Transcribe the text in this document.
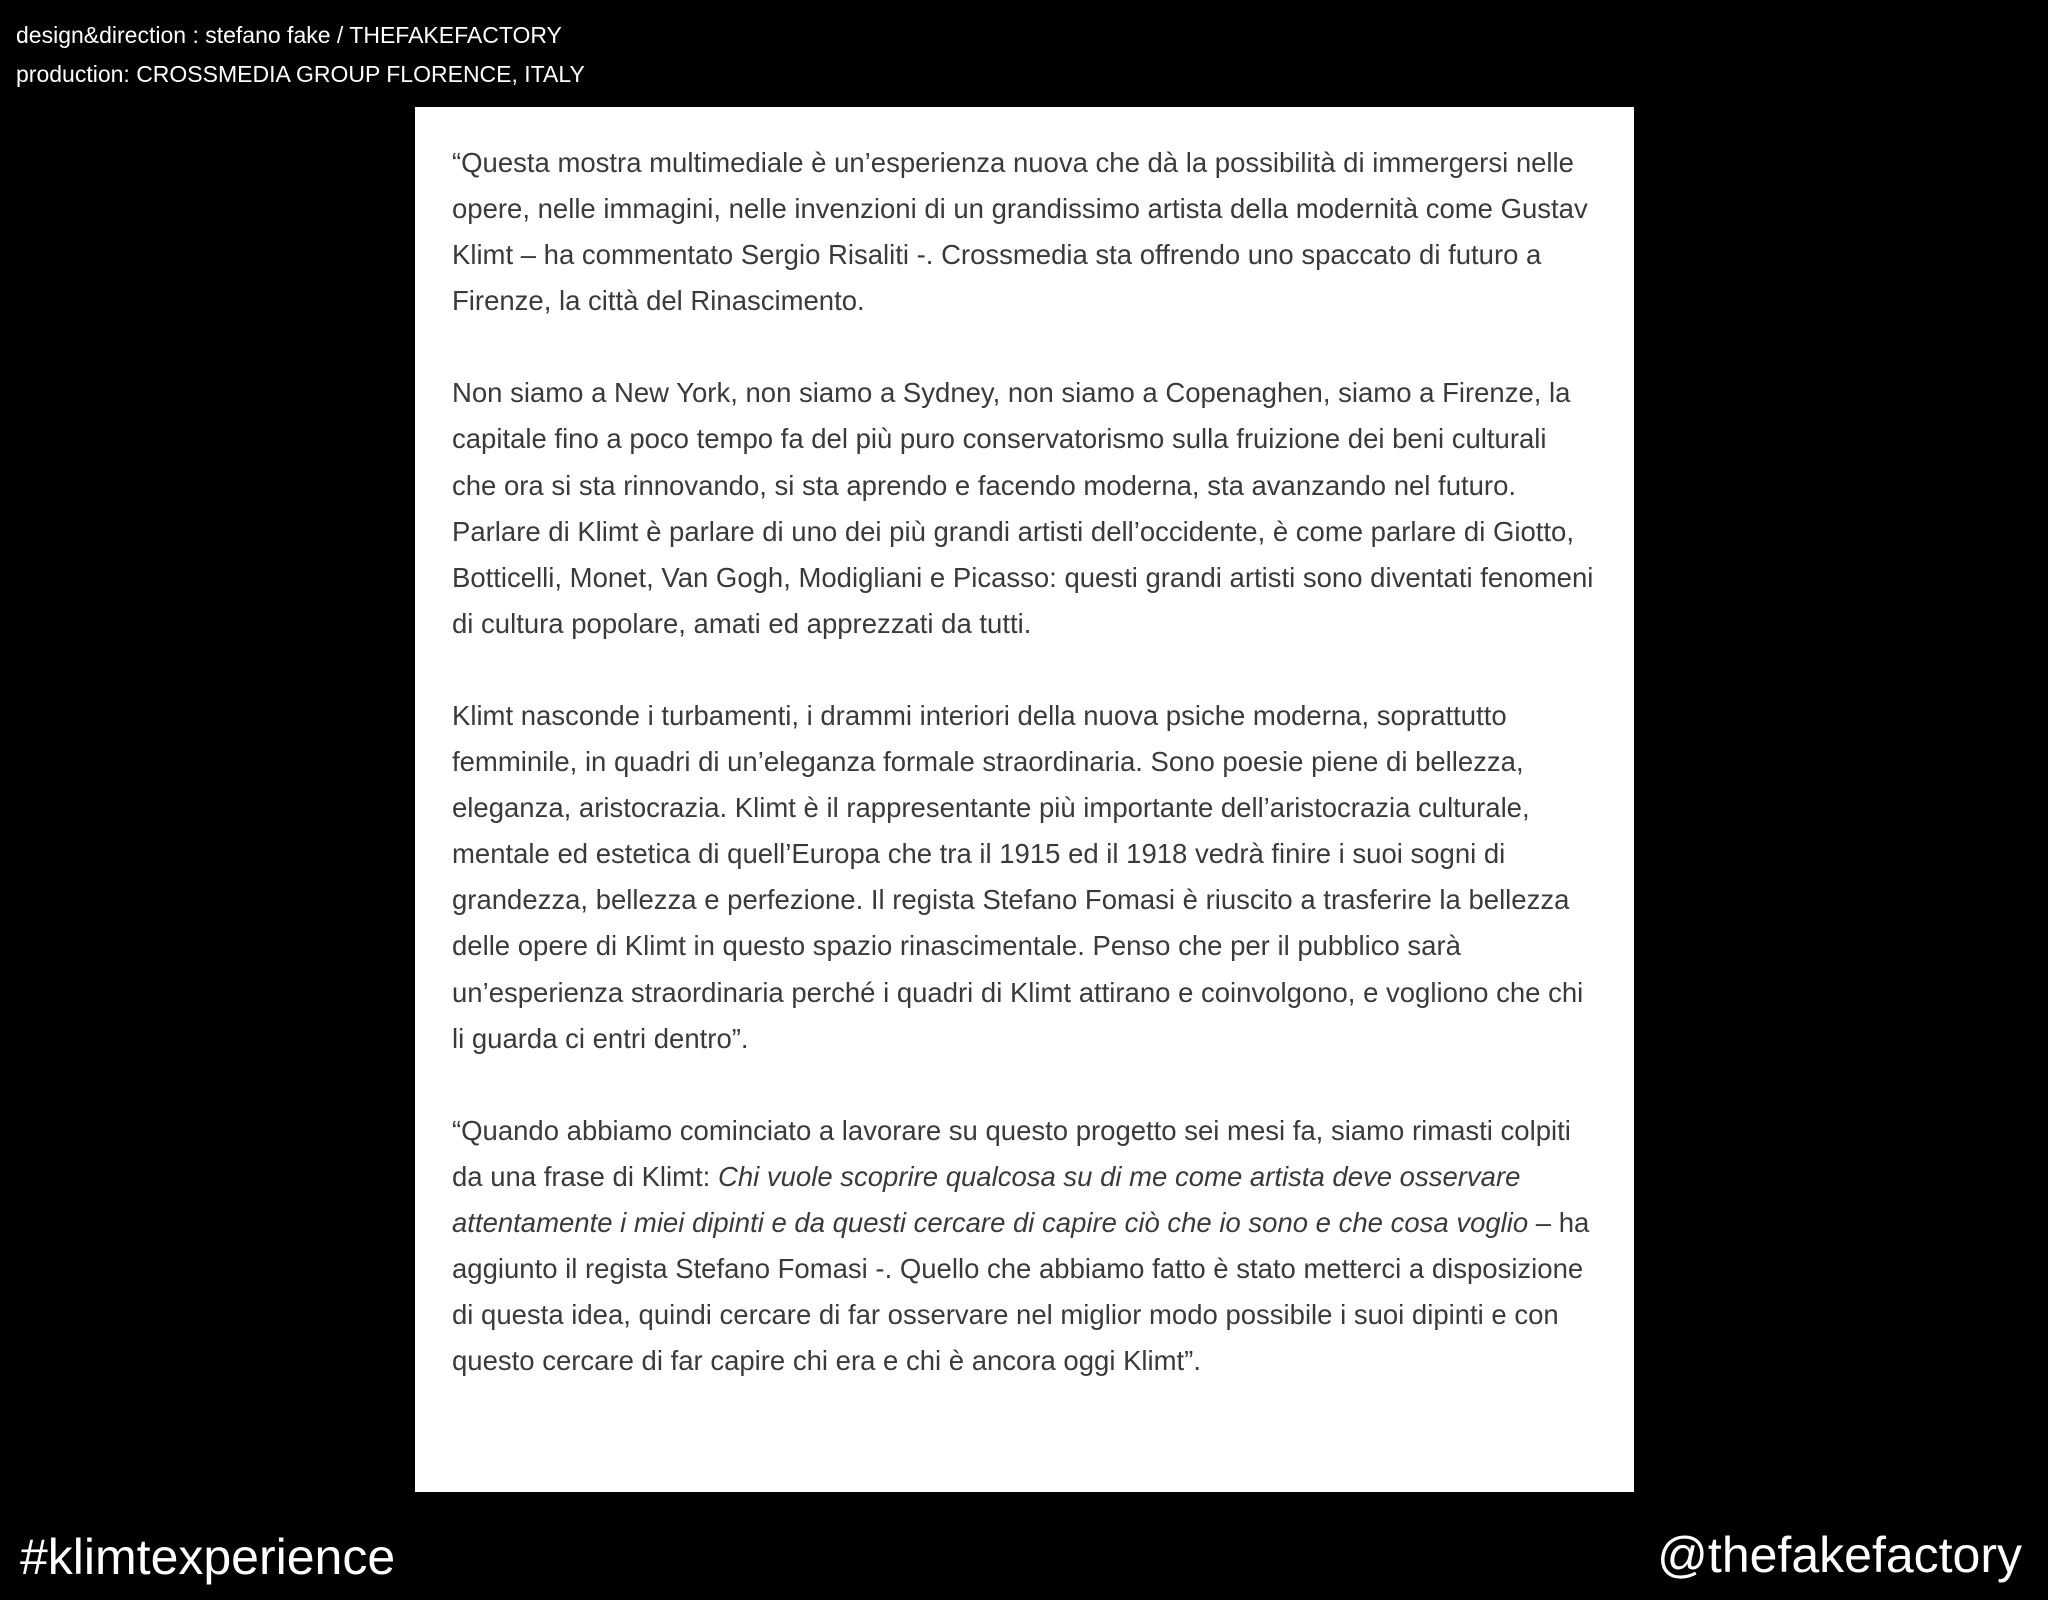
design&direction : stefano fake / THEFAKEFACTORY
production: CROSSMEDIA GROUP FLORENCE, ITALY

“Questa mostra multimediale è un’esperienza nuova che dà la possibilità di immergersi nelle opere, nelle immagini, nelle invenzioni di un grandissimo artista della modernità come Gustav Klimt – ha commentato Sergio Risaliti -. Crossmedia sta offrendo uno spaccato di futuro a Firenze, la città del Rinascimento.

Non siamo a New York, non siamo a Sydney, non siamo a Copenaghen, siamo a Firenze, la capitale fino a poco tempo fa del più puro conservatorismo sulla fruizione dei beni culturali che ora si sta rinnovando, si sta aprendo e facendo moderna, sta avanzando nel futuro. Parlare di Klimt è parlare di uno dei più grandi artisti dell’occidente, è come parlare di Giotto, Botticelli, Monet, Van Gogh, Modigliani e Picasso: questi grandi artisti sono diventati fenomeni di cultura popolare, amati ed apprezzati da tutti.

Klimt nasconde i turbamenti, i drammi interiori della nuova psiche moderna, soprattutto femminile, in quadri di un’eleganza formale straordinaria. Sono poesie piene di bellezza, eleganza, aristocrazia. Klimt è il rappresentante più importante dell’aristocrazia culturale, mentale ed estetica di quell’Europa che tra il 1915 ed il 1918 vedrà finire i suoi sogni di grandezza, bellezza e perfezione. Il regista Stefano Fomasi è riuscito a trasferire la bellezza delle opere di Klimt in questo spazio rinascimentale. Penso che per il pubblico sarà un’esperienza straordinaria perché i quadri di Klimt attirano e coinvolgono, e vogliono che chi li guarda ci entri dentro”.

“Quando abbiamo cominciato a lavorare su questo progetto sei mesi fa, siamo rimasti colpiti da una frase di Klimt: Chi vuole scoprire qualcosa su di me come artista deve osservare attentamente i miei dipinti e da questi cercare di capire ciò che io sono e che cosa voglio – ha aggiunto il regista Stefano Fomasi -. Quello che abbiamo fatto è stato metterci a disposizione di questa idea, quindi cercare di far osservare nel miglior modo possibile i suoi dipinti e con questo cercare di far capire chi era e chi è ancora oggi Klimt”.

#klimtexperience	@thefakefactory
